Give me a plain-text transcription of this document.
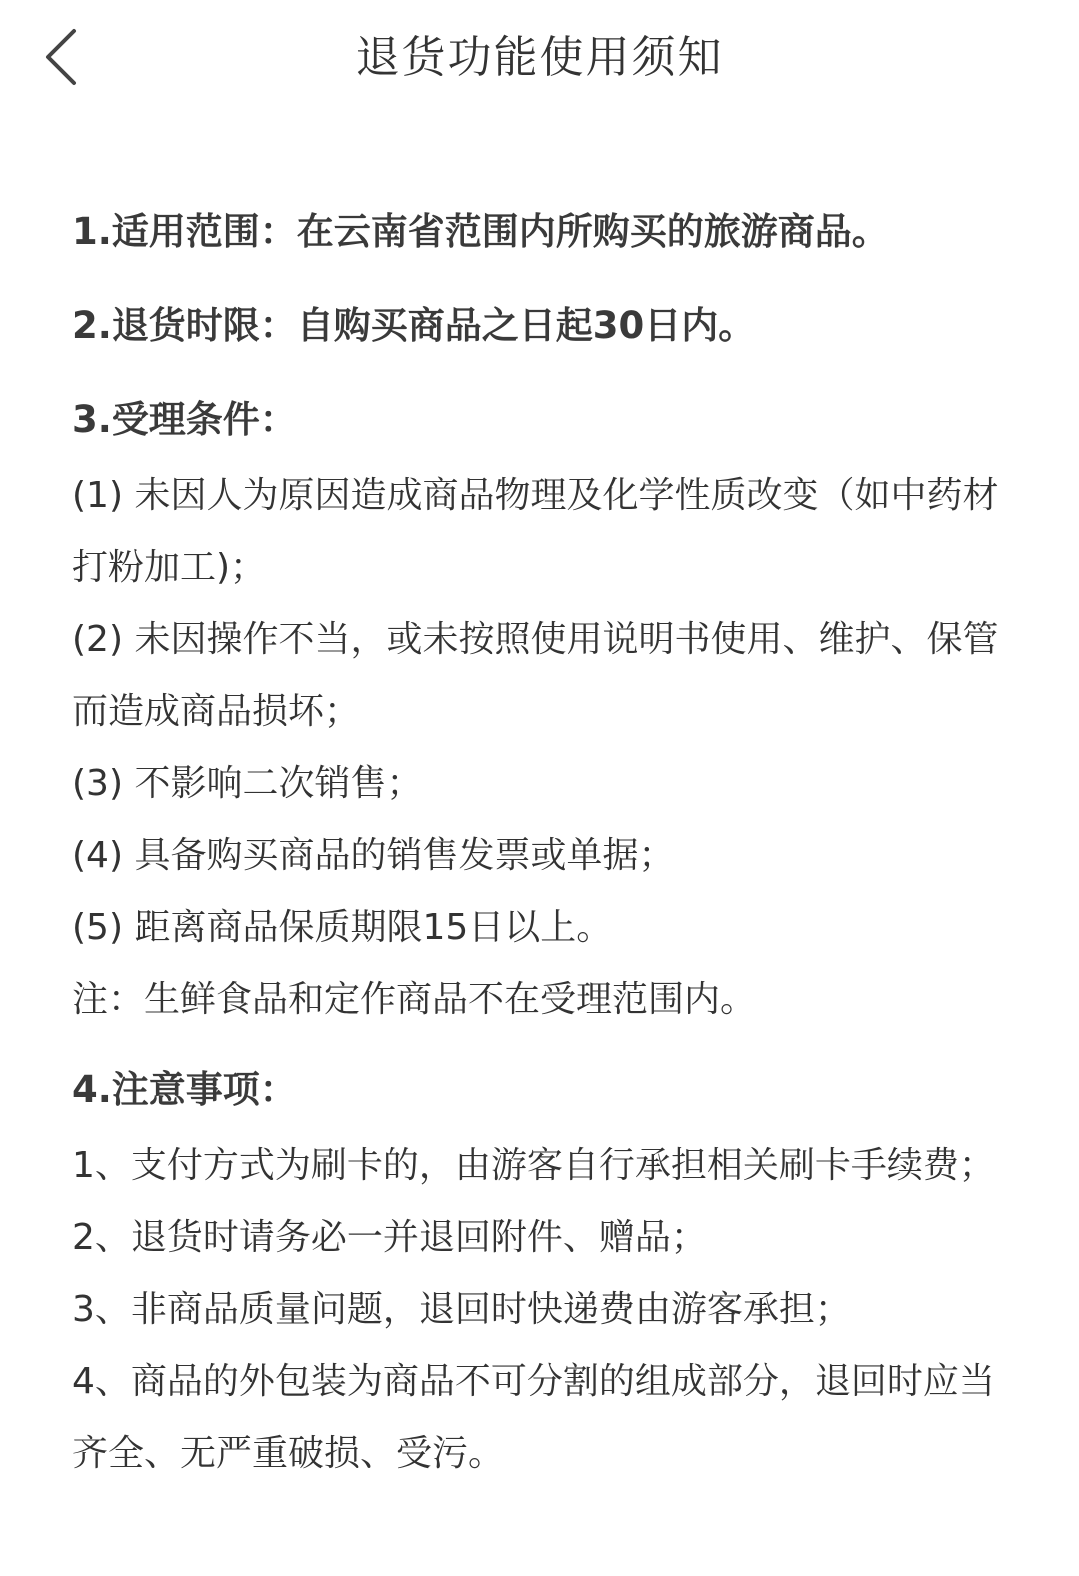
退货功能使用须知

1.适用范围：在云南省范围内所购买的旅游商品。

2.退货时限：自购买商品之日起30日内。

3.受理条件：

(1) 未因人为原因造成商品物理及化学性质改变（如中药材打粉加工)；

(2) 未因操作不当，或未按照使用说明书使用、维护、保管而造成商品损坏；

(3) 不影响二次销售；

(4) 具备购买商品的销售发票或单据；

(5) 距离商品保质期限15日以上。

注：生鲜食品和定作商品不在受理范围内。

4.注意事项：

1、支付方式为刷卡的，由游客自行承担相关刷卡手续费；

2、退货时请务必一并退回附件、赠品；

3、非商品质量问题，退回时快递费由游客承担；

4、商品的外包装为商品不可分割的组成部分，退回时应当齐全、无严重破损、受污。
